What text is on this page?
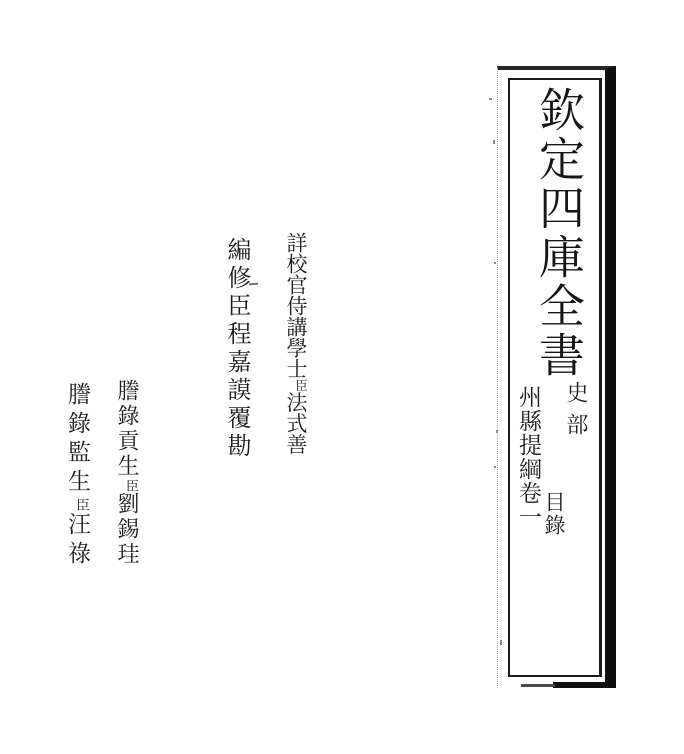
詳校官侍講學士臣法式善
編修臣程嘉謨覆勘
謄錄貢生臣劉錫珪
謄錄監生臣汪祿
欽定四庫全書
史部
州縣提綱卷一 目錄
